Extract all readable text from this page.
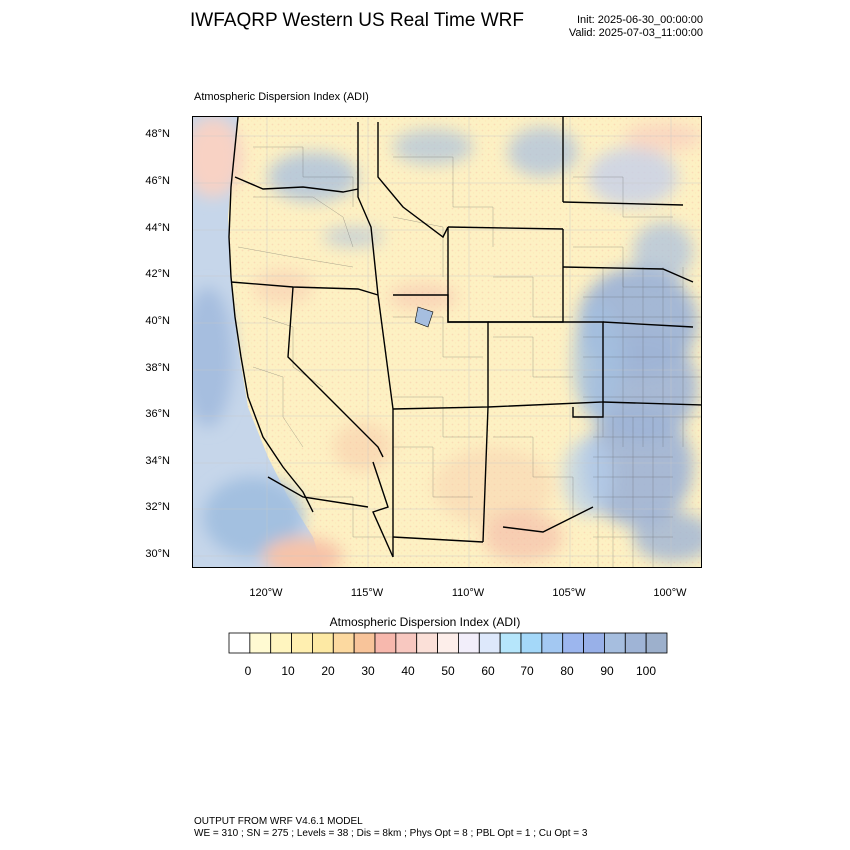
IWFAQRP Western US Real Time WRF	Init: 2025-06-30_00:00:00
Valid: 2025-07-03_11:00:00
Atmospheric Dispersion Index (ADI)
48°N
46°N
44°N
42°N
40°N
38°N
36°N
34°N
32°N
30°N
120°W	115°W	110°W	105°W	100°W
Atmospheric Dispersion Index (ADI)
0 10 20 30 40 50 60 70 80 90 100
OUTPUT FROM WRF V4.6.1 MODEL
WE = 310 ; SN = 275 ; Levels = 38 ; Dis = 8km ; Phys Opt = 8 ; PBL Opt = 1 ; Cu Opt = 3
